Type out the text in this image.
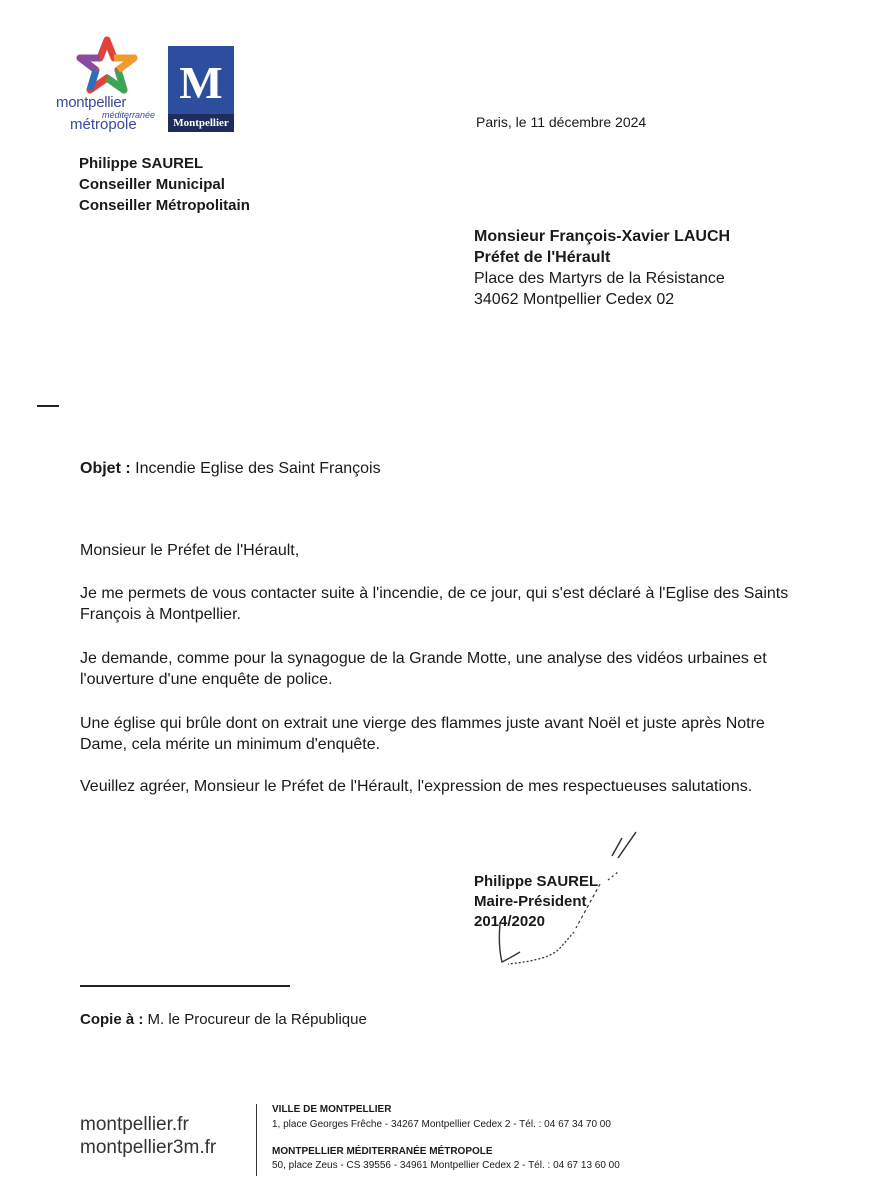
montpellier
méditerranée
métropole
M
Montpellier	Paris, le 11 décembre 2024
Philippe SAUREL
Conseiller Municipal
Conseiller Métropolitain
Monsieur François-Xavier LAUCH
Préfet de l'Hérault
Place des Martyrs de la Résistance
34062 Montpellier Cedex 02
Objet : Incendie Eglise des Saint François
Monsieur le Préfet de l'Hérault,
Je me permets de vous contacter suite à l'incendie, de ce jour, qui s'est déclaré à l'Eglise des Saints François à Montpellier.
Je demande, comme pour la synagogue de la Grande Motte, une analyse des vidéos urbaines et l'ouverture d'une enquête de police.
Une église qui brûle dont on extrait une vierge des flammes juste avant Noël et juste après Notre Dame, cela mérite un minimum d'enquête.
Veuillez agréer, Monsieur le Préfet de l'Hérault, l'expression de mes respectueuses salutations.
Philippe SAUREL
Maire-Président
2014/2020
Copie à : M. le Procureur de la République
montpellier.fr
montpellier3m.fr
VILLE DE MONTPELLIER
1, place Georges Frêche - 34267 Montpellier Cedex 2 - Tél. : 04 67 34 70 00
MONTPELLIER MÉDITERRANÉE MÉTROPOLE
50, place Zeus - CS 39556 - 34961 Montpellier Cedex 2 - Tél. : 04 67 13 60 00
